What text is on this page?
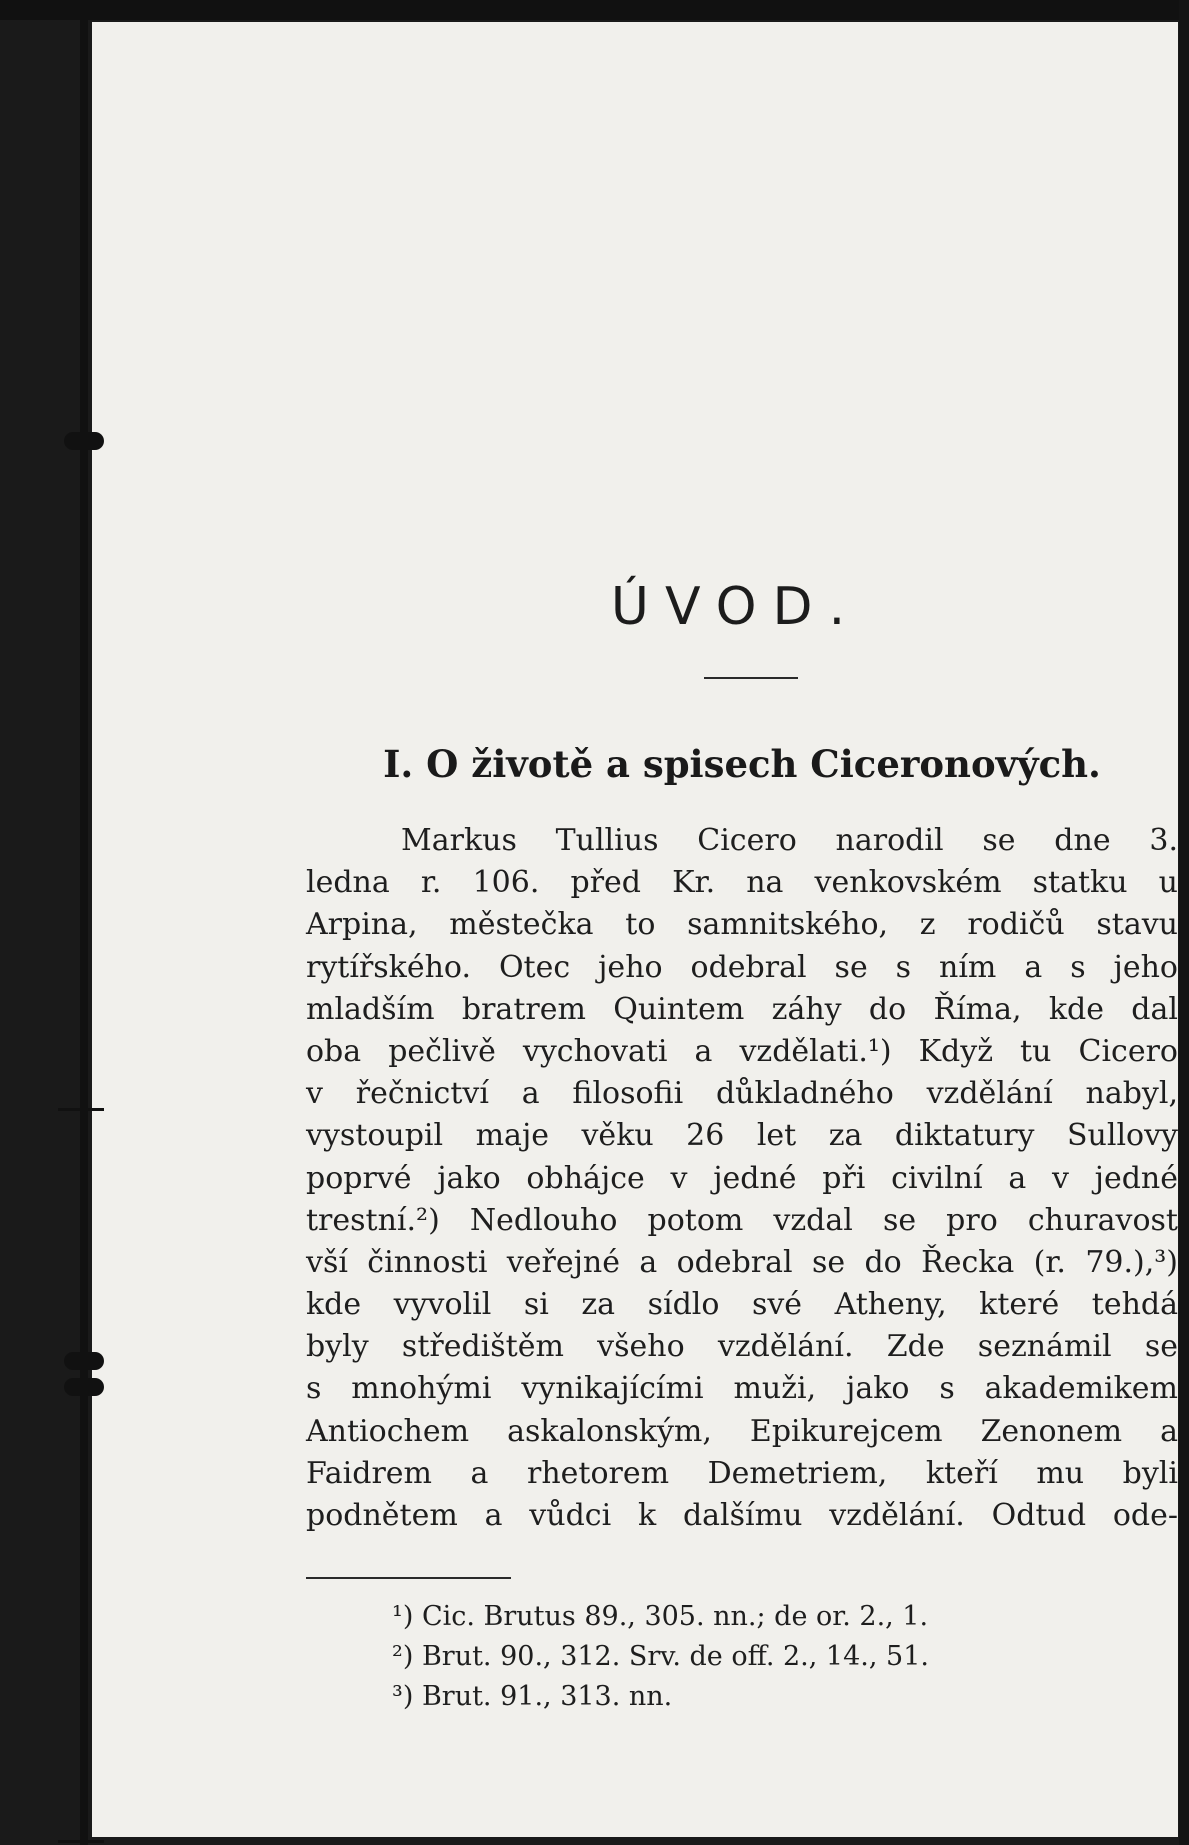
ÚVOD.
I. O životě a spisech Ciceronových.
Markus Tullius Cicero narodil se dne 3.
ledna r. 106. před Kr. na venkovském statku u
Arpina, městečka to samnitského, z rodičů stavu
rytířského. Otec jeho odebral se s ním a s jeho
mladším bratrem Quintem záhy do Říma, kde dal
oba pečlivě vychovati a vzdělati.¹) Když tu Cicero
v řečnictví a filosofii důkladného vzdělání nabyl,
vystoupil maje věku 26 let za diktatury Sullovy
poprvé jako obhájce v jedné při civilní a v jedné
trestní.²) Nedlouho potom vzdal se pro churavost
vší činnosti veřejné a odebral se do Řecka (r. 79.),³)
kde vyvolil si za sídlo své Atheny, které tehdá
byly středištěm všeho vzdělání. Zde seznámil se
s mnohými vynikajícími muži, jako s akademikem
Antiochem askalonským, Epikurejcem Zenonem a
Faidrem a rhetorem Demetriem, kteří mu byli
podnětem a vůdci k dalšímu vzdělání. Odtud ode-
¹) Cic. Brutus 89., 305. nn.; de or. 2., 1.
²) Brut. 90., 312. Srv. de off. 2., 14., 51.
³) Brut. 91., 313. nn.
